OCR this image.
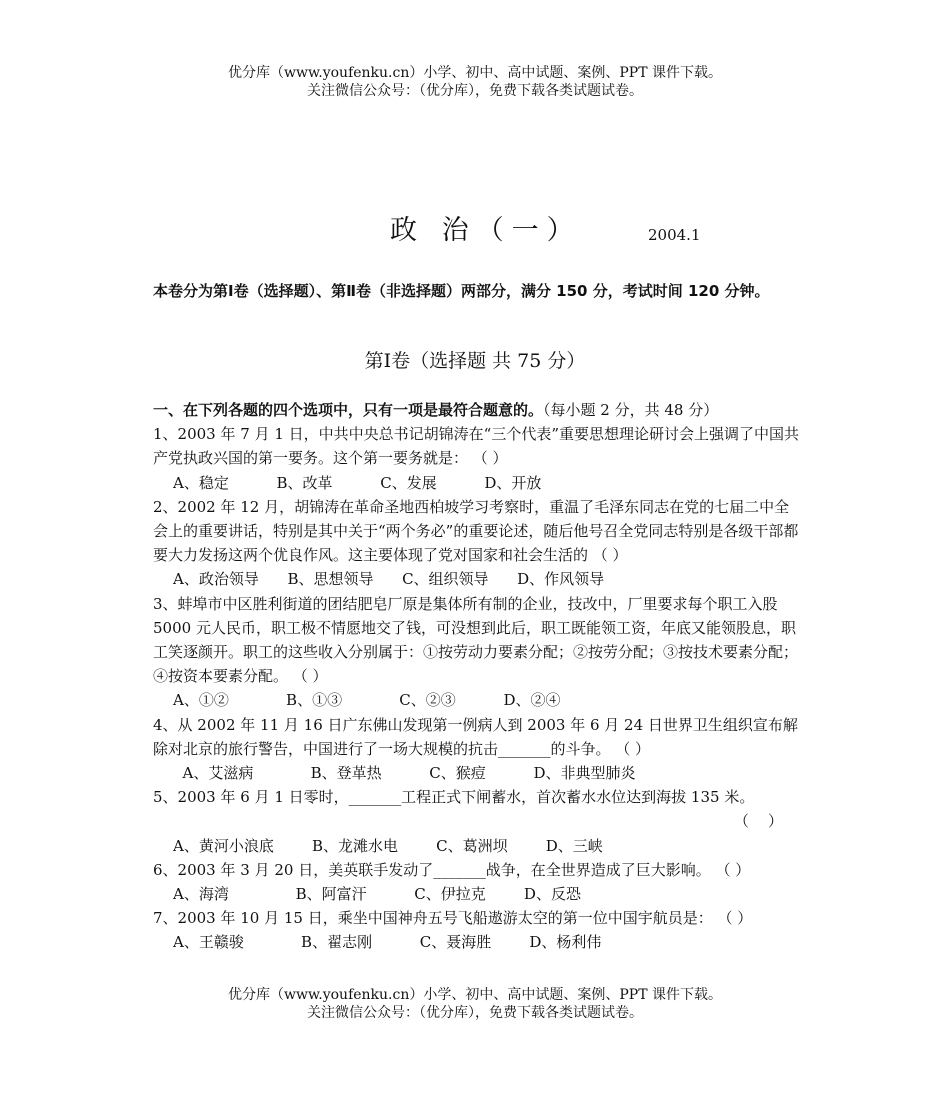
优分库（www.youfenku.cn）小学、初中、高中试题、案例、PPT 课件下载。
关注微信公众号：（优分库），免费下载各类试题试卷。
政 治（一）	2004.1
本卷分为第Ⅰ卷（选择题）、第Ⅱ卷（非选择题）两部分，满分 150 分，考试时间 120 分钟。
第Ⅰ卷（选择题 共 75 分）

一、在下列各题的四个选项中，只有一项是最符合题意的。（每小题 2 分，共 48 分）

1、2003 年 7 月 1 日，中共中央总书记胡锦涛在“三个代表”重要思想理论研讨会上强调了中国共产党执政兴国的第一要务。这个第一要务就是： （ ）

A、稳定          B、改革          C、发展          D、开放

2、2002 年 12 月，胡锦涛在革命圣地西柏坡学习考察时，重温了毛泽东同志在党的七届二中全会上的重要讲话，特别是其中关于“两个务必”的重要论述，随后他号召全党同志特别是各级干部都要大力发扬这两个优良作风。这主要体现了党对国家和社会生活的 （ ）

A、政治领导      B、思想领导      C、组织领导      D、作风领导

3、蚌埠市中区胜利街道的团结肥皂厂原是集体所有制的企业，技改中，厂里要求每个职工入股 5000 元人民币，职工极不情愿地交了钱，可没想到此后，职工既能领工资，年底又能领股息，职工笑逐颜开。职工的这些收入分别属于：①按劳动力要素分配；②按劳分配；③按技术要素分配；④按资本要素分配。 （ ）

A、①②            B、①③            C、②③          D、②④

4、从 2002 年 11 月 16 日广东佛山发现第一例病人到 2003 年 6 月 24 日世界卫生组织宣布解除对北京的旅行警告，中国进行了一场大规模的抗击_______的斗争。 （ ）

A、艾滋病            B、登革热          C、猴痘          D、非典型肺炎

5、2003 年 6 月 1 日零时，_______工程正式下闸蓄水，首次蓄水水位达到海拔 135 米。

（    ）

A、黄河小浪底        B、龙滩水电        C、葛洲坝        D、三峡

6、2003 年 3 月 20 日，美英联手发动了_______战争，在全世界造成了巨大影响。 （ ）

A、海湾              B、阿富汗          C、伊拉克        D、反恐

7、2003 年 10 月 15 日，乘坐中国神舟五号飞船遨游太空的第一位中国宇航员是： （ ）

A、王赣骏            B、翟志刚          C、聂海胜        D、杨利伟

优分库（www.youfenku.cn）小学、初中、高中试题、案例、PPT 课件下载。
关注微信公众号：（优分库），免费下载各类试题试卷。
